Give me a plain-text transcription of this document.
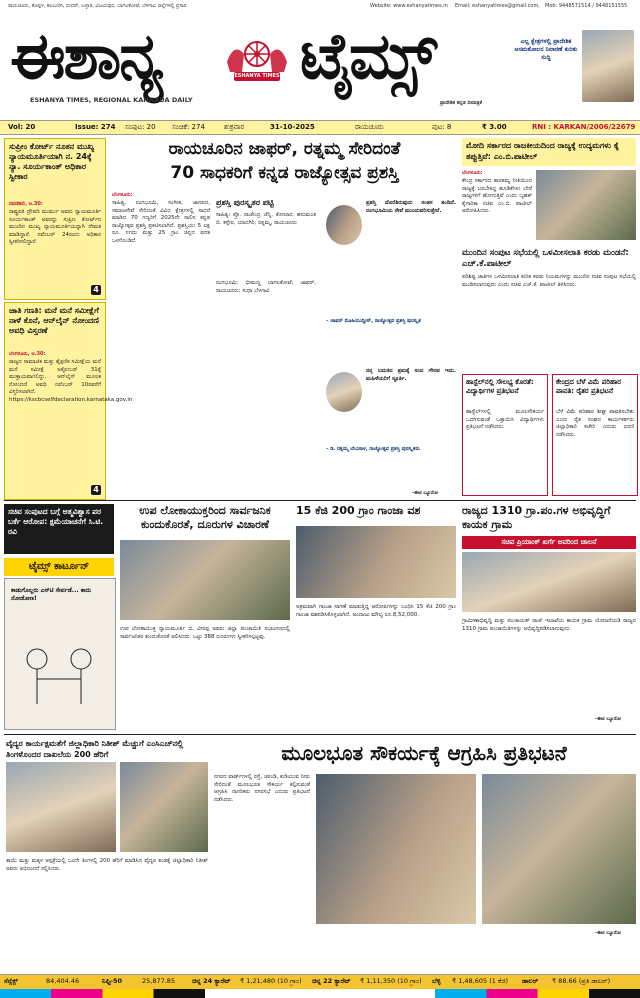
ರಾಯಚೂರು, ಕೊಪ್ಪಳ, ಕಲಬುರಗಿ, ಬೀದರ್, ಬಳ್ಳಾರಿ, ವಿಜಯಪುರ, ಬಾಗಲಕೋಟೆ, ಬೆಳಗಾವಿ ಜಿಲ್ಲೆಗಳಲ್ಲಿ ಪ್ರಸಾರ	Website: www.eshanyatimes.in Email: eshanyatimes@gmail.com, Mob: 9448571514 / 9448151555
ಈಶಾನ್ಯ	ESHANYA TIMES ಟೈಮ್ಸ್
ESHANYA TIMES, REGIONAL KANNADA DAILY
ಎಲ್ಲ ಕ್ಷೇತ್ರಗಳಲ್ಲಿ ಪ್ರಾದೇಶಿಕ ಅಸಮತೋಲನ ನಿವಾರಣೆ ಕುರಿತು ಸುದ್ದಿ
ಪ್ರಾದೇಶಿಕ ಕನ್ನಡ ದಿನಪತ್ರಿಕೆ
Vol: 20	Issue: 274 ಸಂಪುಟ: 20 ಸಂಚಿಕೆ: 274	ಶುಕ್ರವಾರ	31-10-2025	ರಾಯಚೂರು	ಪುಟ: 8	₹ 3.00	RNI : KARKAN/2006/22679
ಸುಪ್ರೀಂ ಕೋರ್ಟ್ ನೂತನ ಮುಖ್ಯ ನ್ಯಾಯಮೂರ್ತಿಯಾಗಿ ನ. 24ಕ್ಕೆ ನ್ಯಾ. ಸೂರ್ಯಕಾಂತ್ ಅಧಿಕಾರ ಸ್ವೀಕಾರ
ನವದೆಹಲಿ, ಅ.30:
ರಾಷ್ಟ್ರಪತಿ ದ್ರೌಪದಿ ಮುರ್ಮು ಅವರು ನ್ಯಾಯಮೂರ್ತಿ ಸೂರ್ಯಕಾಂತ್ ಅವರನ್ನು ಸುಪ್ರೀಂ ಕೋರ್ಟ್‌ನ ಮುಂದಿನ ಮುಖ್ಯ ನ್ಯಾಯಮೂರ್ತಿಯನ್ನಾಗಿ ನೇಮಕ ಮಾಡಿದ್ದಾರೆ. ನವೆಂಬರ್ 24ರಂದು ಅಧಿಕಾರ ಸ್ವೀಕರಿಸಲಿದ್ದಾರೆ.
4
ಜಾತಿ ಗಣತಿ: ಮನೆ ಮನೆ ಸಮೀಕ್ಷೆಗೆ ನಾಳೆ ಕೊನೆ, ಆನ್‌ಲೈನ್ ನೋಂದಣಿ ಅವಧಿ ವಿಸ್ತರಣೆ
ಬೆಂಗಳೂರು, ಅ.30:
ರಾಜ್ಯದ ಸಾಮಾಜಿಕ ಮತ್ತು ಶೈಕ್ಷಣಿಕ ಸಮೀಕ್ಷೆಯ ಮನೆ ಮನೆ ಸಮೀಕ್ಷೆ ಅಕ್ಟೋಬರ್ 31ಕ್ಕೆ ಮುಕ್ತಾಯವಾಗಲಿದ್ದು, ಆನ್‌ಲೈನ್ ಮೂಲಕ ನೋಂದಣಿ ಅವಧಿ ನವೆಂಬರ್ 10ರವರೆಗೆ ವಿಸ್ತರಿಸಲಾಗಿದೆ. https://kscbcselfdeclaration.karnataka.gov.in
4
ರಾಯಚೂರಿನ ಜಾಫರ್, ರತ್ನಮ್ಮ ಸೇರಿದಂತೆ
70 ಸಾಧಕರಿಗೆ ಕನ್ನಡ ರಾಜ್ಯೋತ್ಸವ ಪ್ರಶಸ್ತಿ
ಬೆಂಗಳೂರು:
ಸಾಹಿತ್ಯ, ರಂಗಭೂಮಿ, ಸಂಗೀತ, ಜಾನಪದ, ಸಮಾಜಸೇವೆ ಸೇರಿದಂತೆ ವಿವಿಧ ಕ್ಷೇತ್ರಗಳಲ್ಲಿ ಸಾಧನೆ ಮಾಡಿದ 70 ಗಣ್ಯರಿಗೆ 2025ನೇ ಸಾಲಿನ ಕನ್ನಡ ರಾಜ್ಯೋತ್ಸವ ಪ್ರಶಸ್ತಿ ಪ್ರಕಟಿಸಲಾಗಿದೆ. ಪ್ರಶಸ್ತಿಯು 5 ಲಕ್ಷ ರೂ. ನಗದು ಮತ್ತು 25 ಗ್ರಾಂ ಚಿನ್ನದ ಪದಕ ಒಳಗೊಂಡಿದೆ.
ಪ್ರಶಸ್ತಿ ಪುರಸ್ಕೃತರ ಪಟ್ಟಿ
ಸಾಹಿತ್ಯ: ಪ್ರೊ. ರಾಜೇಂದ್ರ ಚೆನ್ನಿ, ಕೋಲಾರ; ಹನುಮಂತ ಬಿ. ಕಳ್ಳೇರ, ಯಾದಗಿರಿ; ರತ್ನಮ್ಮ, ರಾಯಚೂರು
ರಂಗಭೂಮಿ: ಭೀಮಣ್ಣ ಬಾಗಲಕೋಟೆ; ಜಾಫರ್, ರಾಯಚೂರು; ಸುಧಾ ಬೆಳಗಾವಿ
ಪ್ರಶಸ್ತಿ ದೊರೆತಿರುವುದು ಸಂತಸ ತಂದಿದೆ. ರಂಗಭೂಮಿಯ ಸೇವೆ ಮುಂದುವರಿಸುತ್ತೇನೆ.
– ಜಾಫರ್ ಮೊಹಿಯುದ್ದೀನ್, ರಾಜ್ಯೋತ್ಸವ ಪ್ರಶಸ್ತಿ ಪುರಸ್ಕೃತ
ನನ್ನ ಬದುಕಿನ ಶ್ರಮಕ್ಕೆ ಸಂದ ಗೌರವ ಇದು. ಮಹಿಳೆಯರಿಗೆ ಸ್ಫೂರ್ತಿ.
– ಡಿ. ರತ್ನಮ್ಮ ಬೇವಿನಾಳ, ರಾಜ್ಯೋತ್ಸವ ಪ್ರಶಸ್ತಿ ಪುರಸ್ಕೃತರು
-ಈಟಿ ಬ್ಯೂರೋ
ಮೋದಿ ಸರ್ಕಾರದ ರಾಜಕೀಯದಿಂದ ರಾಜ್ಯಕ್ಕೆ ಉದ್ಯಮಗಳು ಕೈ ತಪ್ಪುತ್ತಿವೆ: ಎಂ.ಬಿ.ಪಾಟೀಲ್
ಬೆಂಗಳೂರು:
ಕೇಂದ್ರ ಸರ್ಕಾರದ ತಾರತಮ್ಯ ನೀತಿಯಿಂದ ರಾಜ್ಯಕ್ಕೆ ಬರಬೇಕಿದ್ದ ಹೂಡಿಕೆಗಳು ಬೇರೆ ರಾಜ್ಯಗಳಿಗೆ ಹೋಗುತ್ತಿವೆ ಎಂದು ಬೃಹತ್ ಕೈಗಾರಿಕಾ ಸಚಿವ ಎಂ.ಬಿ. ಪಾಟೀಲ್ ಆರೋಪಿಸಿದರು.
ಮುಂದಿನ ಸಂಪುಟ ಸಭೆಯಲ್ಲಿ ಒಳಮೀಸಲಾತಿ ಕರಡು ಮಂಡನೆ: ಎಚ್.ಕೆ.ಪಾಟೀಲ್
ಪರಿಶಿಷ್ಟ ಜಾತಿಗಳ ಒಳಮೀಸಲಾತಿ ಕುರಿತ ಕರಡು ನಿಯಮಗಳನ್ನು ಮುಂದಿನ ಸಚಿವ ಸಂಪುಟ ಸಭೆಯಲ್ಲಿ ಮಂಡಿಸಲಾಗುವುದು ಎಂದು ಸಚಿವ ಎಚ್.ಕೆ. ಪಾಟೀಲ್ ತಿಳಿಸಿದರು.
ಹಾಸ್ಟೆಲ್‌ನಲ್ಲಿ ಸೌಲಭ್ಯ ಕೊರತೆ: ವಿದ್ಯಾರ್ಥಿಗಳ ಪ್ರತಿಭಟನೆ
ಹಾಸ್ಟೆಲ್‌ಗಳಲ್ಲಿ ಮೂಲಸೌಕರ್ಯ ಒದಗಿಸುವಂತೆ ಒತ್ತಾಯಿಸಿ ವಿದ್ಯಾರ್ಥಿಗಳು ಪ್ರತಿಭಟನೆ ನಡೆಸಿದರು.
ಕೇಂದ್ರದ ಬೆಳೆ ವಿಮೆ ಪರಿಹಾರ ಪಾವತಿ: ರೈತರ ಪ್ರತಿಭಟನೆ
ಬೆಳೆ ವಿಮೆ ಪರಿಹಾರ ಶೀಘ್ರ ಪಾವತಿಸಬೇಕು ಎಂದು ರೈತ ಸಂಘದ ಕಾರ್ಯಕರ್ತರು ಜಿಲ್ಲಾಧಿಕಾರಿ ಕಚೇರಿ ಎದುರು ಧರಣಿ ನಡೆಸಿದರು.
ಸಚಿವ ಸಂಪುಟದ ಬಗ್ಗೆ ಆತ್ಮವಿಶ್ವಾಸ ಪರ ಬರ್ಕೆ ಆರೋಪ: ಕ್ಷಮೆಯಾಚನೆಗೆ ಸಿ.ಟಿ. ರವಿ
ಟೈಮ್ಸ್ ಕಾರ್ಟೂನ್
ಕಾಡುಗೊಲ್ಲರು ಎಸ್‌ಟಿ ಸೇರ್ಪಡೆ... ಕಾದು ನೋಡೋಣ!
ಉಪ ಲೋಕಾಯುಕ್ತರಿಂದ ಸಾರ್ವಜನಿಕ ಕುಂದುಕೊರತೆ, ದೂರುಗಳ ವಿಚಾರಣೆ
ಉಪ ಲೋಕಾಯುಕ್ತ ನ್ಯಾಯಮೂರ್ತಿ ಬಿ. ವೀರಪ್ಪ ಅವರು ಜಿಲ್ಲಾ ಪಂಚಾಯಿತಿ ಸಭಾಂಗಣದಲ್ಲಿ ಸಾರ್ವಜನಿಕರ ಕುಂದುಕೊರತೆ ಆಲಿಸಿದರು. ಒಟ್ಟು 388 ದೂರುಗಳು ಸ್ವೀಕರಿಸಲ್ಪಟ್ಟವು.
15 ಕೆಜಿ 200 ಗ್ರಾಂ ಗಾಂಜಾ ವಶ
ಅಕ್ರಮವಾಗಿ ಗಾಂಜಾ ಸಾಗಣೆ ಮಾಡುತ್ತಿದ್ದ ಆರೋಪಿಗಳನ್ನು ಬಂಧಿಸಿ 15 ಕೆಜಿ 200 ಗ್ರಾಂ ಗಾಂಜಾ ವಶಪಡಿಸಿಕೊಳ್ಳಲಾಗಿದೆ. ಅಂದಾಜು ಮೌಲ್ಯ ರೂ.8,52,000.
ರಾಜ್ಯದ 1310 ಗ್ರಾ.ಪಂ.ಗಳ ಅಭಿವೃದ್ಧಿಗೆ ಕಾಯಕ ಗ್ರಾಮ
ಸಚಿವ ಪ್ರಿಯಾಂಕ್ ಖರ್ಗೆ ಅವರಿಂದ ಚಾಲನೆ
ಗ್ರಾಮೀಣಾಭಿವೃದ್ಧಿ ಮತ್ತು ಪಂಚಾಯತ್ ರಾಜ್ ಇಲಾಖೆಯ ಕಾಯಕ ಗ್ರಾಮ ಯೋಜನೆಯಡಿ ರಾಜ್ಯದ 1310 ಗ್ರಾಮ ಪಂಚಾಯಿತಿಗಳನ್ನು ಅಭಿವೃದ್ಧಿಪಡಿಸಲಾಗುವುದು.
-ಈಟಿ ಬ್ಯೂರೋ
ವೈದ್ಯರ ಕಾರ್ಯಕ್ಷಮತೆಗೆ ಜಿಲ್ಲಾಧಿಕಾರಿ ನಿತೀಶ್ ಮೆಚ್ಚುಗೆ ಎಂಸಿಎಚ್‌ನಲ್ಲಿ ತಿಂಗಳೊಂದರ ದಾಖಲೆಯ 200 ಹೆರಿಗೆ
ತಾಯಿ ಮತ್ತು ಮಕ್ಕಳ ಆಸ್ಪತ್ರೆಯಲ್ಲಿ ಒಂದೇ ತಿಂಗಳಲ್ಲಿ 200 ಹೆರಿಗೆ ಮಾಡಿಸಿದ ವೈದ್ಯರ ತಂಡಕ್ಕೆ ಜಿಲ್ಲಾಧಿಕಾರಿ ನಿತೀಶ್ ಅವರು ಅಭಿನಂದನೆ ಸಲ್ಲಿಸಿದರು.
ಮೂಲಭೂತ ಸೌಕರ್ಯಕ್ಕೆ ಆಗ್ರಹಿಸಿ ಪ್ರತಿಭಟನೆ
ನಗರದ ವಾರ್ಡ್‌ಗಳಲ್ಲಿ ರಸ್ತೆ, ಚರಂಡಿ, ಕುಡಿಯುವ ನೀರು ಸೇರಿದಂತೆ ಮೂಲಭೂತ ಸೌಕರ್ಯ ಕಲ್ಪಿಸುವಂತೆ ಆಗ್ರಹಿಸಿ ನಾಗರಿಕರು ನಗರಸಭೆ ಎದುರು ಪ್ರತಿಭಟನೆ ನಡೆಸಿದರು.
-ಈಟಿ ಬ್ಯೂರೋ
ಸೆನ್ಸೆಕ್ಸ್	84,404.46	ನಿಫ್ಟಿ-50	25,877.85	ಚಿನ್ನ 24 ಕ್ಯಾರೆಟ್ ₹ 1,21,480 (10 ಗ್ರಾಂ) ಚಿನ್ನ 22 ಕ್ಯಾರೆಟ್ ₹ 1,11,350 (10 ಗ್ರಾಂ) ಬೆಳ್ಳಿ ₹ 1,48,605 (1 ಕೆಜಿ) ಡಾಲರ್ ₹ 88.66 (ಪ್ರತಿ ಡಾಲರ್)
